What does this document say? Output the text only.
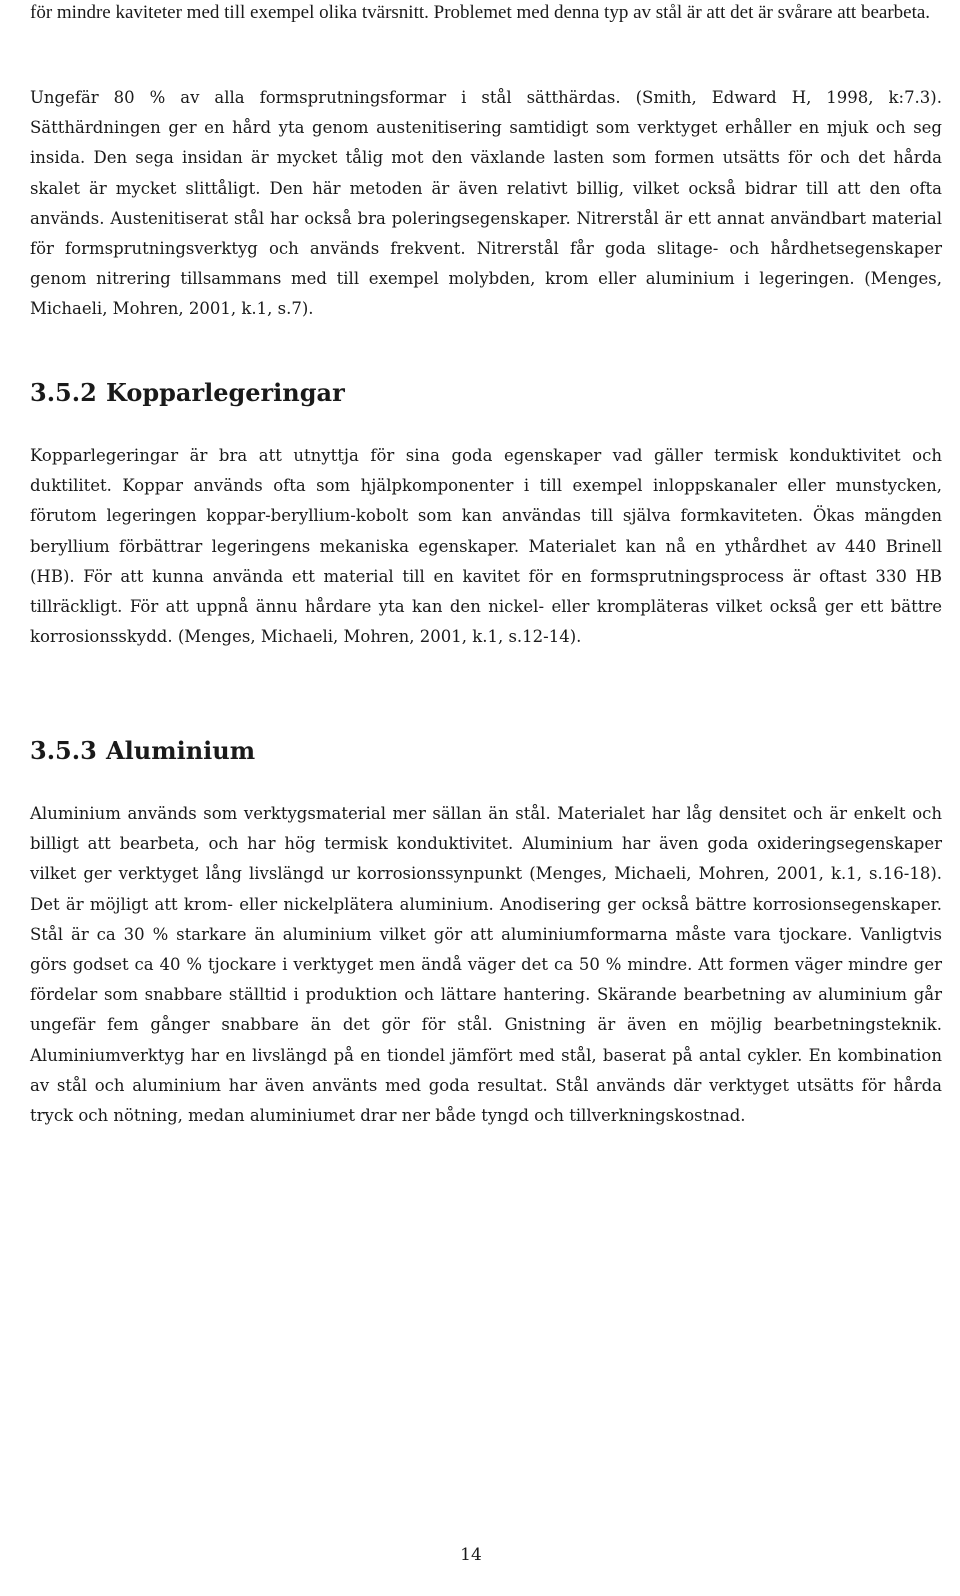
för mindre kaviteter med till exempel olika tvärsnitt. Problemet med denna typ av stål är att det är svårare att bearbeta.

Ungefär 80 % av alla formsprutningsformar i stål sätthärdas. (Smith, Edward H, 1998, k:7.3). Sätthärdningen ger en hård yta genom austenitisering samtidigt som verktyget erhåller en mjuk och seg insida. Den sega insidan är mycket tålig mot den växlande lasten som formen utsätts för och det hårda skalet är mycket slittåligt. Den här metoden är även relativt billig, vilket också bidrar till att den ofta används. Austenitiserat stål har också bra poleringsegenskaper. Nitrerstål är ett annat användbart material för formsprutningsverktyg och används frekvent. Nitrerstål får goda slitage- och hårdhetsegenskaper genom nitrering tillsammans med till exempel molybden, krom eller aluminium i legeringen. (Menges, Michaeli, Mohren, 2001, k.1, s.7).

3.5.2 Kopparlegeringar

Kopparlegeringar är bra att utnyttja för sina goda egenskaper vad gäller termisk konduktivitet och duktilitet. Koppar används ofta som hjälpkomponenter i till exempel inloppskanaler eller munstycken, förutom legeringen koppar-beryllium-kobolt som kan användas till själva formkaviteten. Ökas mängden beryllium förbättrar legeringens mekaniska egenskaper. Materialet kan nå en ythårdhet av 440 Brinell (HB). För att kunna använda ett material till en kavitet för en formsprutningsprocess är oftast 330 HB tillräckligt. För att uppnå ännu hårdare yta kan den nickel- eller krompläteras vilket också ger ett bättre korrosionsskydd. (Menges, Michaeli, Mohren, 2001, k.1, s.12-14).

3.5.3 Aluminium

Aluminium används som verktygsmaterial mer sällan än stål. Materialet har låg densitet och är enkelt och billigt att bearbeta, och har hög termisk konduktivitet. Aluminium har även goda oxideringsegenskaper vilket ger verktyget lång livslängd ur korrosionssynpunkt (Menges, Michaeli, Mohren, 2001, k.1, s.16-18). Det är möjligt att krom- eller nickelplätera aluminium. Anodisering ger också bättre korrosionsegenskaper. Stål är ca 30 % starkare än aluminium vilket gör att aluminiumformarna måste vara tjockare. Vanligtvis görs godset ca 40 % tjockare i verktyget men ändå väger det ca 50 % mindre. Att formen väger mindre ger fördelar som snabbare ställtid i produktion och lättare hantering. Skärande bearbetning av aluminium går ungefär fem gånger snabbare än det gör för stål. Gnistning är även en möjlig bearbetningsteknik. Aluminiumverktyg har en livslängd på en tiondel jämfört med stål, baserat på antal cykler. En kombination av stål och aluminium har även använts med goda resultat. Stål används där verktyget utsätts för hårda tryck och nötning, medan aluminiumet drar ner både tyngd och tillverkningskostnad.

14
